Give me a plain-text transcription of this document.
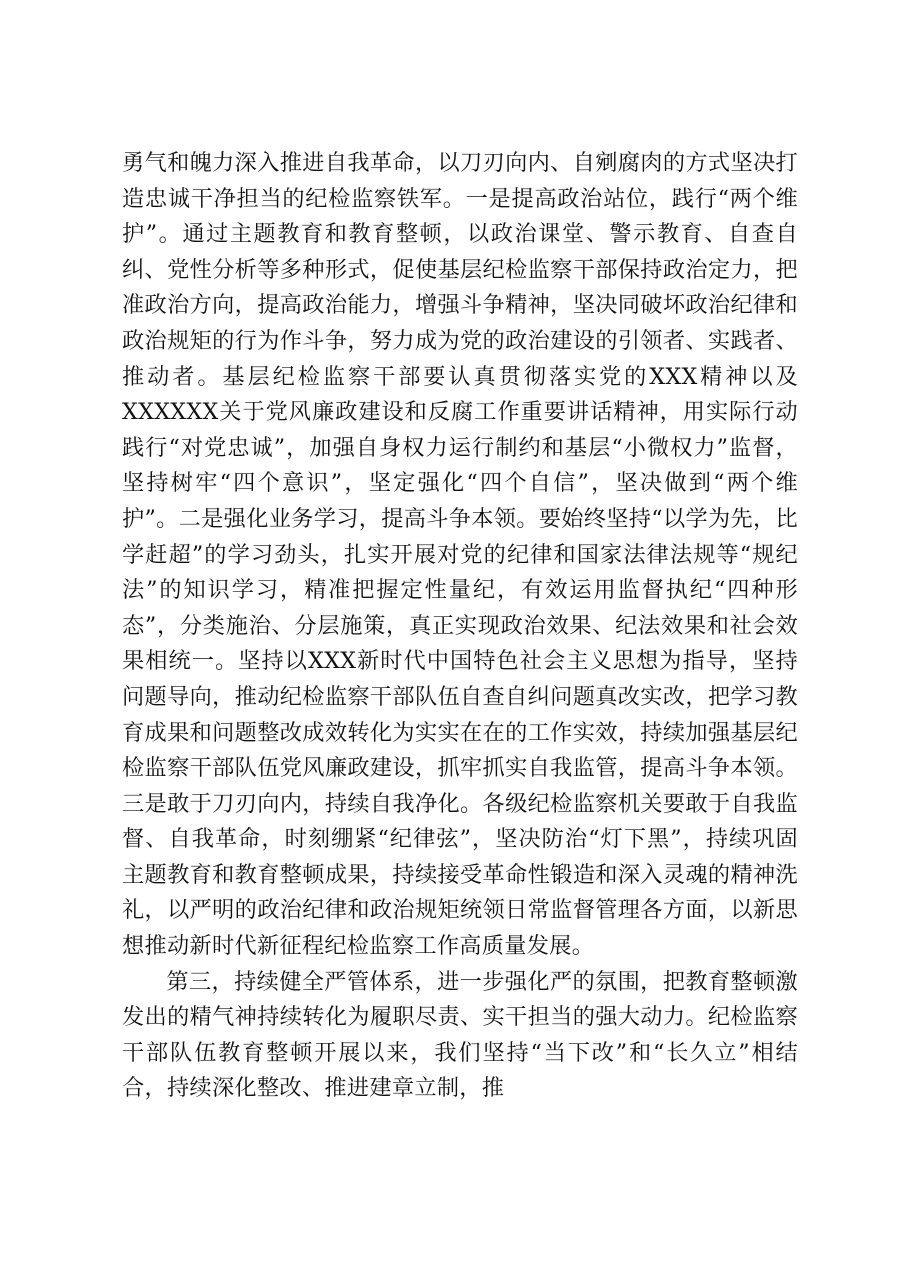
勇气和魄力深入推进自我革命，以刀刃向内、自剜腐肉的方式坚决打造忠诚干净担当的纪检监察铁军。一是提高政治站位，践行“两个维护”。通过主题教育和教育整顿，以政治课堂、警示教育、自查自纠、党性分析等多种形式，促使基层纪检监察干部保持政治定力，把准政治方向，提高政治能力，增强斗争精神，坚决同破坏政治纪律和政治规矩的行为作斗争，努力成为党的政治建设的引领者、实践者、推动者。基层纪检监察干部要认真贯彻落实党的XXX精神以及XXXXXX关于党风廉政建设和反腐工作重要讲话精神，用实际行动践行“对党忠诚”，加强自身权力运行制约和基层“小微权力”监督，坚持树牢“四个意识”，坚定强化“四个自信”，坚决做到“两个维护”。二是强化业务学习，提高斗争本领。要始终坚持“以学为先，比学赶超”的学习劲头，扎实开展对党的纪律和国家法律法规等“规纪法”的知识学习，精准把握定性量纪，有效运用监督执纪“四种形态”，分类施治、分层施策，真正实现政治效果、纪法效果和社会效果相统一。坚持以XXX新时代中国特色社会主义思想为指导，坚持问题导向，推动纪检监察干部队伍自查自纠问题真改实改，把学习教育成果和问题整改成效转化为实实在在的工作实效，持续加强基层纪检监察干部队伍党风廉政建设，抓牢抓实自我监管，提高斗争本领。三是敢于刀刃向内，持续自我净化。各级纪检监察机关要敢于自我监督、自我革命，时刻绷紧“纪律弦”，坚决防治“灯下黑”，持续巩固主题教育和教育整顿成果，持续接受革命性锻造和深入灵魂的精神洗礼，以严明的政治纪律和政治规矩统领日常监督管理各方面，以新思想推动新时代新征程纪检监察工作高质量发展。

第三，持续健全严管体系，进一步强化严的氛围，把教育整顿激发出的精气神持续转化为履职尽责、实干担当的强大动力。纪检监察干部队伍教育整顿开展以来，我们坚持“当下改”和“长久立”相结合，持续深化整改、推进建章立制，推
